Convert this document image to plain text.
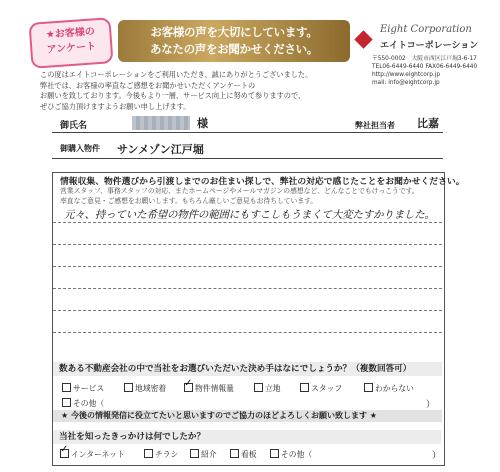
★お客様の
アンケート
お客様の声を大切にしています。
あなたの声をお聞かせください。
Eight Corporation
エイトコーポレーション
〒550-0002　大阪市西区江戸堀3-6-17
TEL06-6449-6440 FAX06-6449-6440
http://www.eightcorp.jp
mail: info@eightcorp.jp
この度はエイトコーポレーションをご利用いただき、誠にありがとうございました。
弊社では、お客様の率直なご感想をお聞かせいただくアンケートの
お願いを致しております。今後もより一層、サービス向上に努めて参りますので、
ぜひご協力頂けますようお願い申し上げます。
御氏名	様	弊社担当者 比嘉
御購入物件 サンメゾン江戸堀
情報収集、物件選びから引渡しまでのお住まい探しで、弊社の対応で感じたことをお聞かせください。
営業スタッフ、事務スタッフの対応、またホームページやメールマガジンの感想など、どんなことでもけっこうです。
率直なご意見・ご感想をお願いします。もちろん厳しいご意見もお待ちしています。
元々、持っていた希望の物件の範囲にもすこしもうまくて大変たすかりました。
数ある不動産会社の中で当社をお選びいただいた決め手はなにでしょうか？（複数回答可）
サービス	地域密着
✓	物件情報量	立地	スタッフ	わからない
その他（	）
★ 今後の情報発信に役立てたいと思いますのでご協力のほどよろしくお願い致します ★
当社を知ったきっかけは何でしたか？
✓インターネット	チラシ	紹介	看板	その他（	）
